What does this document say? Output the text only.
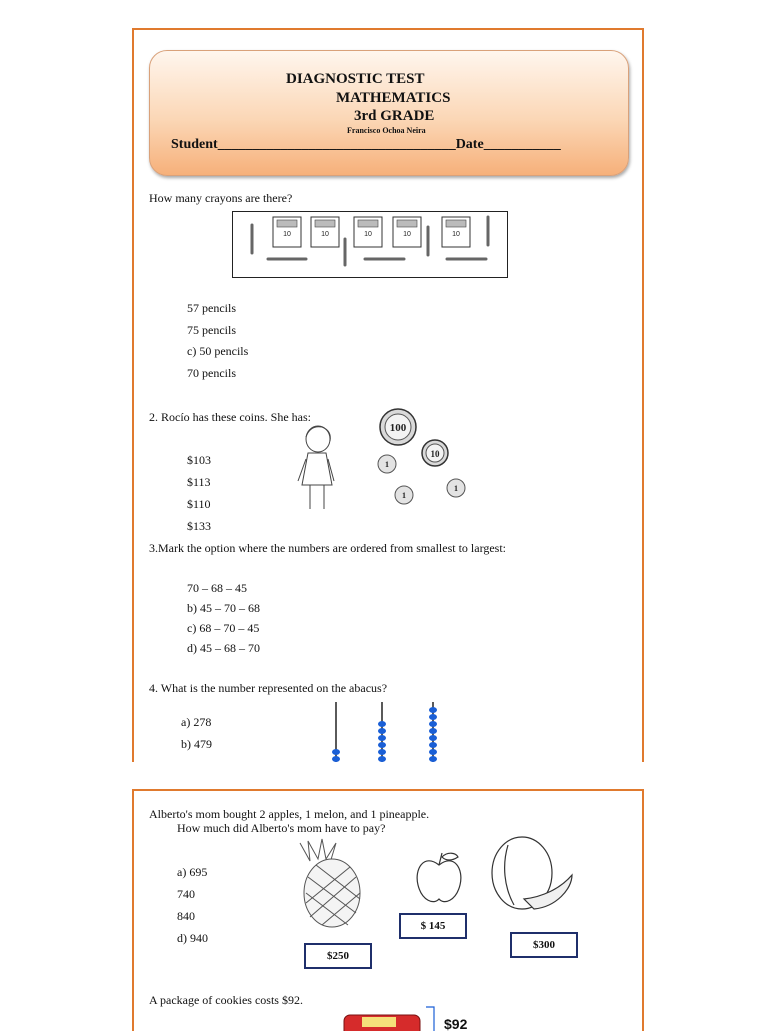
DIAGNOSTIC TEST
MATHEMATICS
3rd GRADE
Francisco Ochoa Neira
Student__________________________________Date___________
How many crayons are there?
10	10	10	10	10
57 pencils
75 pencils
c) 50 pencils
70 pencils
2. Rocío has these coins. She has:
$103
$113
$110
$133
100
10
1
1
1
3.Mark the option where the numbers are ordered from smallest to largest:
70 – 68 – 45
b) 45 – 70 – 68
c) 68 – 70 – 45
d) 45 – 68 – 70
4. What is the number represented on the abacus?
a) 278
b) 479
Alberto's mom bought 2 apples, 1 melon, and 1 pineapple.
How much did Alberto's mom have to pay?
a) 695
740
840
d) 940
$250
$ 145
$300
A package of cookies costs $92.
$92
